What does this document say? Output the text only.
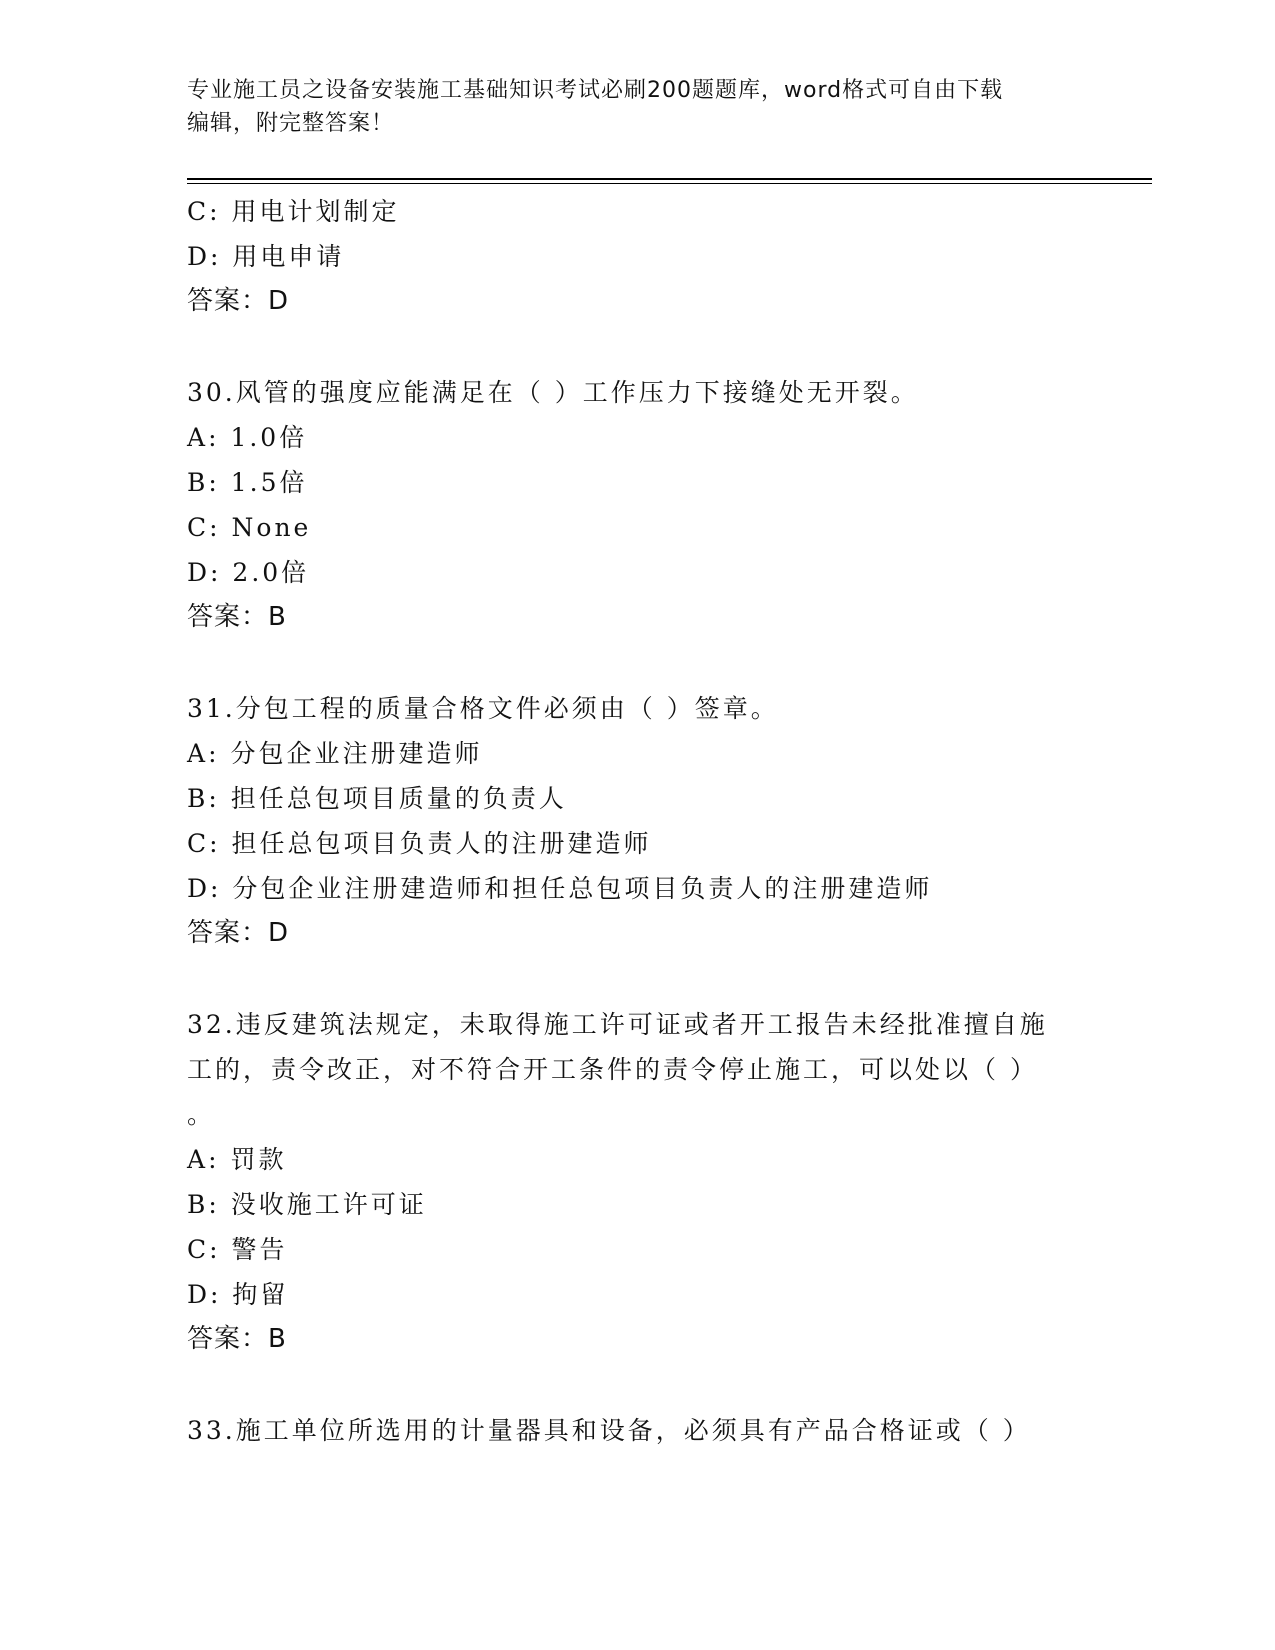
专业施工员之设备安装施工基础知识考试必刷200题题库，word格式可自由下载
编辑，附完整答案！
C: 用电计划制定
D: 用电申请
答案：D
30.风管的强度应能满足在（ ）工作压力下接缝处无开裂。
A: 1.0倍
B: 1.5倍
C: None
D: 2.0倍
答案：B
31.分包工程的质量合格文件必须由（ ）签章。
A: 分包企业注册建造师
B: 担任总包项目质量的负责人
C: 担任总包项目负责人的注册建造师
D: 分包企业注册建造师和担任总包项目负责人的注册建造师
答案：D
32.违反建筑法规定，未取得施工许可证或者开工报告未经批准擅自施
工的，责令改正，对不符合开工条件的责令停止施工，可以处以（ ）
。
A: 罚款
B: 没收施工许可证
C: 警告
D: 拘留
答案：B
33.施工单位所选用的计量器具和设备，必须具有产品合格证或（ ）
